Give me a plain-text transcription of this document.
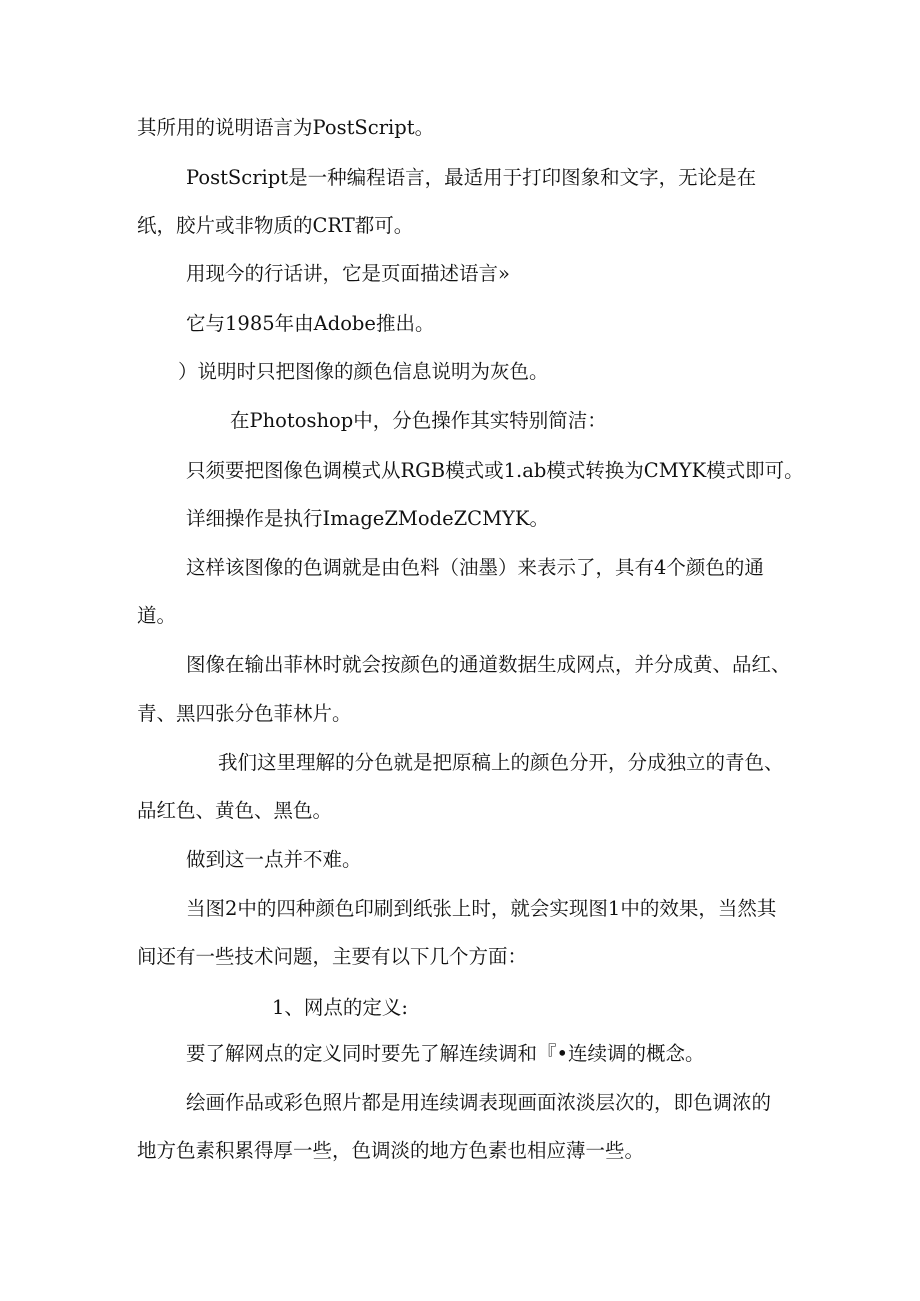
其所用的说明语言为PostScript。

PostScript是一种编程语言，最适用于打印图象和文字，无论是在

纸，胶片或非物质的CRT都可。

用现今的行话讲，它是页面描述语言»

它与1985年由Adobe推出。

）说明时只把图像的颜色信息说明为灰色。

在Photoshop中，分色操作其实特别简洁：

只须要把图像色调模式从RGB模式或1.ab模式转换为CMYK模式即可。

详细操作是执行ImageZModeZCMYK。

这样该图像的色调就是由色料（油墨）来表示了，具有4个颜色的通

道。

图像在输出菲林时就会按颜色的通道数据生成网点，并分成黄、品红、

青、黑四张分色菲林片。

我们这里理解的分色就是把原稿上的颜色分开，分成独立的青色、

品红色、黄色、黑色。

做到这一点并不难。

当图2中的四种颜色印刷到纸张上时，就会实现图1中的效果，当然其

间还有一些技术问题，主要有以下几个方面：

1、网点的定义:

要了解网点的定义同时要先了解连续调和『•连续调的概念。

绘画作品或彩色照片都是用连续调表现画面浓淡层次的，即色调浓的

地方色素积累得厚一些，色调淡的地方色素也相应薄一些。
